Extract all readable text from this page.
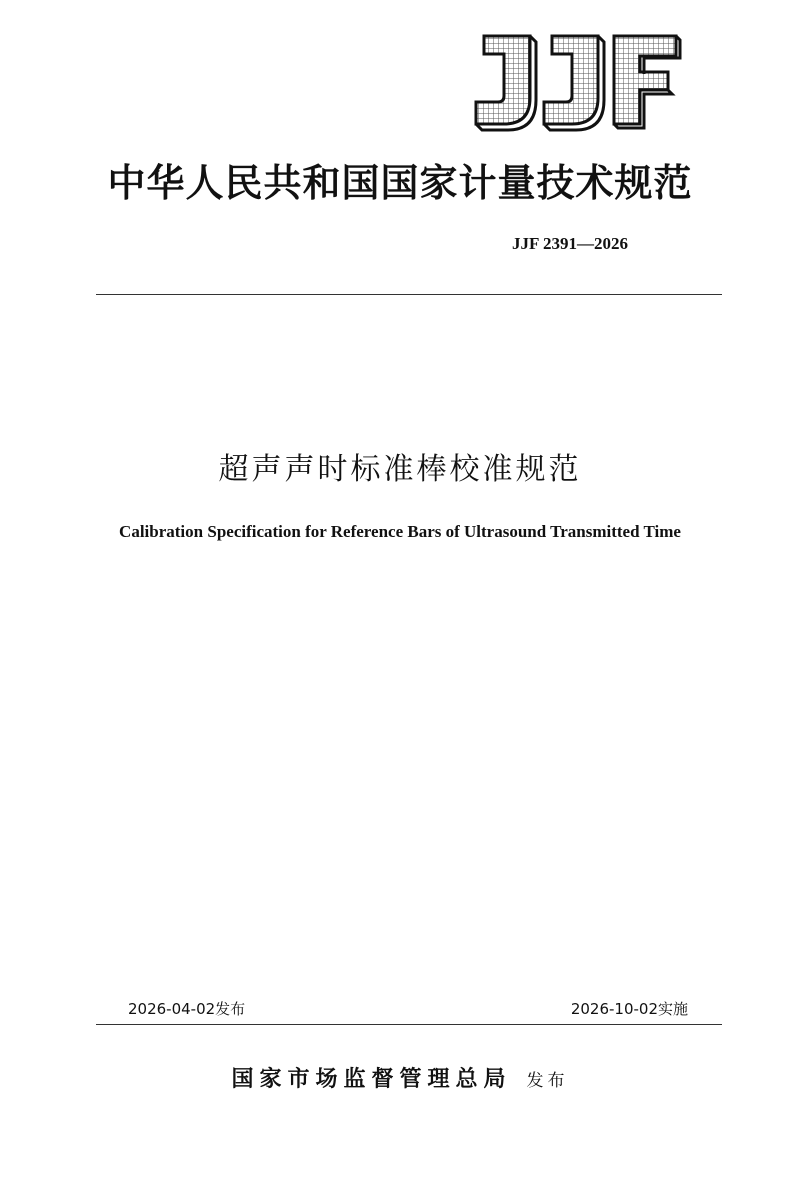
中华人民共和国国家计量技术规范
JJF 2391—2026
超声声时标准棒校准规范
Calibration Specification for Reference Bars of Ultrasound Transmitted Time
2026-04-02发布	2026-10-02实施
国家市场监督管理总局 发布
